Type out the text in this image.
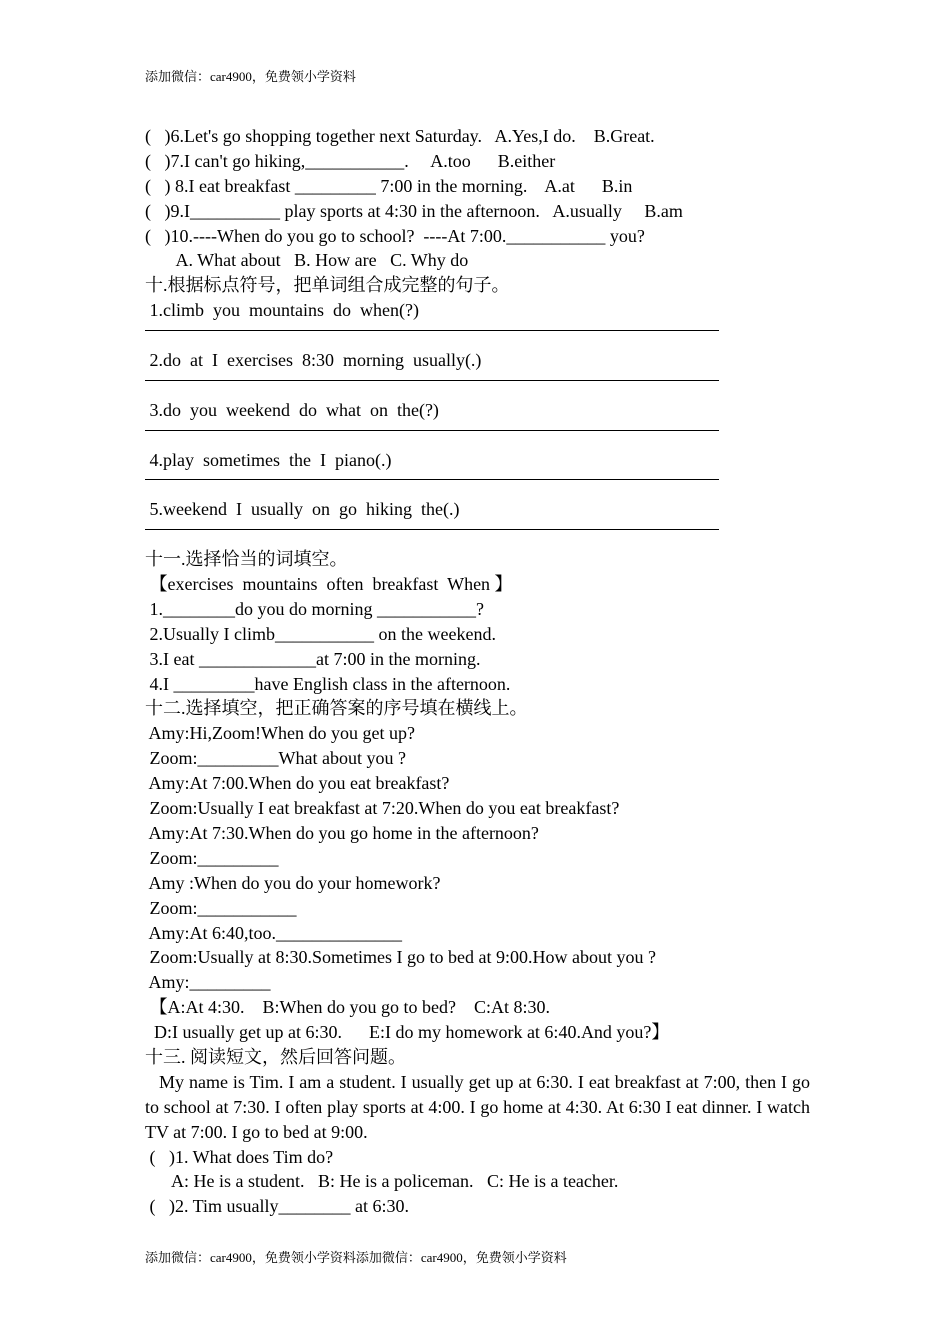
添加微信：car4900，免费领小学资料
(   )6.Let's go shopping together next Saturday.   A.Yes,I do.    B.Great.
(   )7.I can't go hiking,___________.     A.too      B.either
(   ) 8.I eat breakfast _________ 7:00 in the morning.    A.at      B.in
(   )9.I__________ play sports at 4:30 in the afternoon.   A.usually     B.am
(   )10.----When do you go to school?  ----At 7:00.___________ you?
A. What about   B. How are   C. Why do
十.根据标点符号，把单词组合成完整的句子。
1.climb  you  mountains  do  when(?)
2.do  at  I  exercises  8:30  morning  usually(.)
3.do  you  weekend  do  what  on  the(?)
4.play  sometimes  the  I  piano(.)
5.weekend  I  usually  on  go  hiking  the(.)
十一.选择恰当的词填空。
【exercises  mountains  often  breakfast  When 】
1.________do you do morning ___________?
2.Usually I climb___________ on the weekend.
3.I eat _____________at 7:00 in the morning.
4.I _________have English class in the afternoon.
十二.选择填空，把正确答案的序号填在横线上。
Amy:Hi,Zoom!When do you get up?
Zoom:_________What about you ?
Amy:At 7:00.When do you eat breakfast?
Zoom:Usually I eat breakfast at 7:20.When do you eat breakfast?
Amy:At 7:30.When do you go home in the afternoon?
Zoom:_________
Amy :When do you do your homework?
Zoom:___________
Amy:At 6:40,too.______________
Zoom:Usually at 8:30.Sometimes I go to bed at 9:00.How about you ?
Amy:_________
【A:At 4:30.    B:When do you go to bed?    C:At 8:30.
D:I usually get up at 6:30.      E:I do my homework at 6:40.And you?】
十三. 阅读短文，然后回答问题。
My name is Tim. I am a student. I usually get up at 6:30. I eat breakfast at 7:00, then I go to school at 7:30. I often play sports at 4:00. I go home at 4:30. At 6:30 I eat dinner. I watch TV at 7:00. I go to bed at 9:00.
(   )1. What does Tim do?
A: He is a student.   B: He is a policeman.   C: He is a teacher.
(   )2. Tim usually________ at 6:30.
添加微信：car4900，免费领小学资料添加微信：car4900，免费领小学资料
